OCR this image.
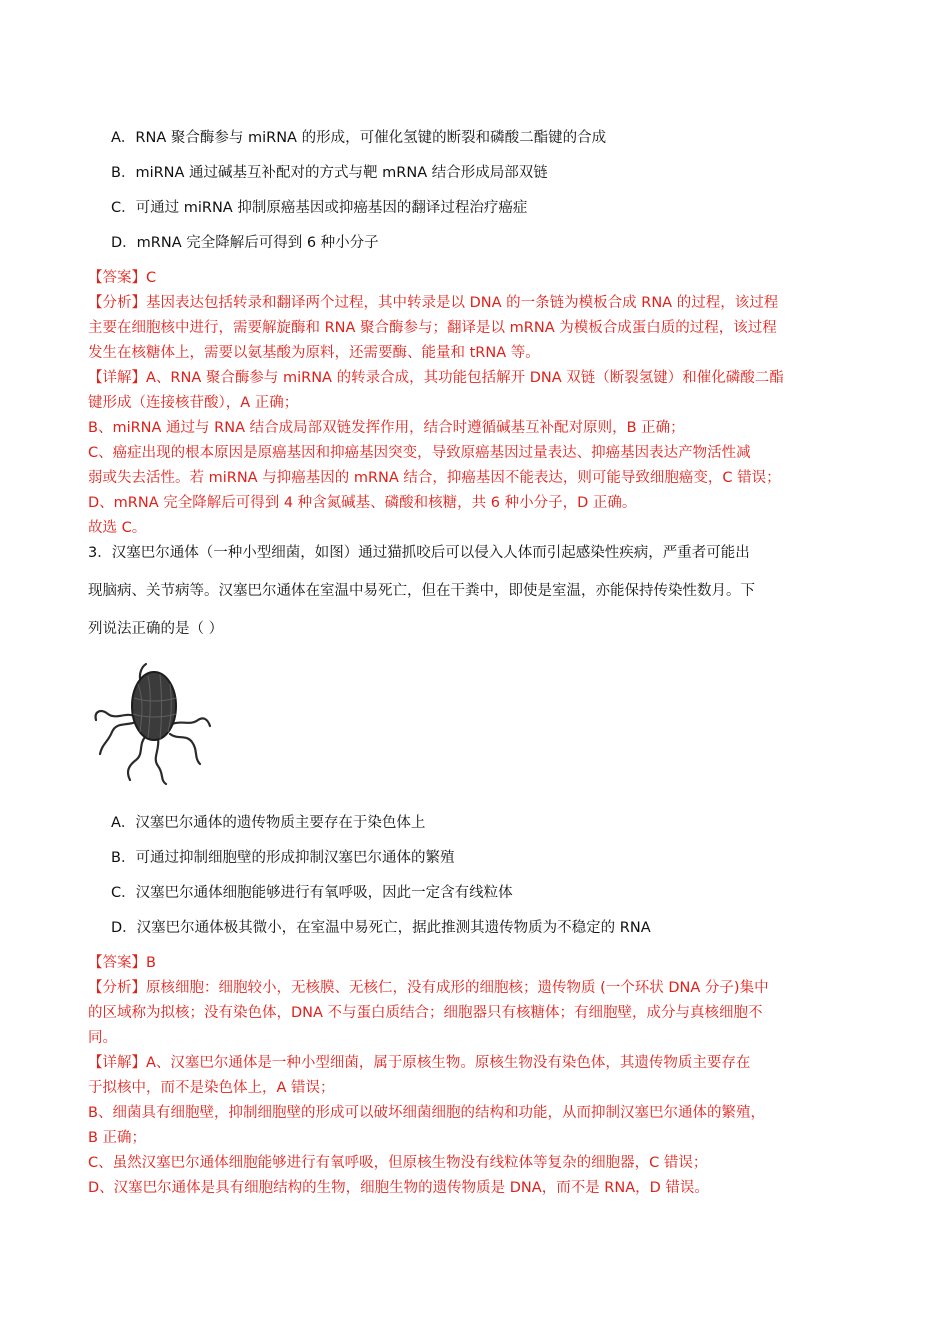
A．RNA 聚合酶参与 miRNA 的形成，可催化氢键的断裂和磷酸二酯键的合成
B．miRNA 通过碱基互补配对的方式与靶 mRNA 结合形成局部双链
C．可通过 miRNA 抑制原癌基因或抑癌基因的翻译过程治疗癌症
D．mRNA 完全降解后可得到 6 种小分子
【答案】C
【分析】基因表达包括转录和翻译两个过程，其中转录是以 DNA 的一条链为模板合成 RNA 的过程，该过程
主要在细胞核中进行，需要解旋酶和 RNA 聚合酶参与；翻译是以 mRNA 为模板合成蛋白质的过程，该过程
发生在核糖体上，需要以氨基酸为原料，还需要酶、能量和 tRNA 等。
【详解】A、RNA 聚合酶参与 miRNA 的转录合成，其功能包括解开 DNA 双链（断裂氢键）和催化磷酸二酯
键形成（连接核苷酸），A 正确；
B、miRNA 通过与 RNA 结合成局部双链发挥作用，结合时遵循碱基互补配对原则，B 正确；
C、癌症出现的根本原因是原癌基因和抑癌基因突变，导致原癌基因过量表达、抑癌基因表达产物活性减
弱或失去活性。若 miRNA 与抑癌基因的 mRNA 结合，抑癌基因不能表达，则可能导致细胞癌变，C 错误；
D、mRNA 完全降解后可得到 4 种含氮碱基、磷酸和核糖，共 6 种小分子，D 正确。
故选 C。
3．汉塞巴尔通体（一种小型细菌，如图）通过猫抓咬后可以侵入人体而引起感染性疾病，严重者可能出
现脑病、关节病等。汉塞巴尔通体在室温中易死亡，但在干粪中，即使是室温，亦能保持传染性数月。下
列说法正确的是（ ）
A．汉塞巴尔通体的遗传物质主要存在于染色体上
B．可通过抑制细胞壁的形成抑制汉塞巴尔通体的繁殖
C．汉塞巴尔通体细胞能够进行有氧呼吸，因此一定含有线粒体
D．汉塞巴尔通体极其微小，在室温中易死亡，据此推测其遗传物质为不稳定的 RNA
【答案】B
【分析】原核细胞：细胞较小，无核膜、无核仁，没有成形的细胞核；遗传物质 (一个环状 DNA 分子)集中
的区域称为拟核；没有染色体，DNA 不与蛋白质结合；细胞器只有核糖体；有细胞壁，成分与真核细胞不
同。
【详解】A、汉塞巴尔通体是一种小型细菌，属于原核生物。原核生物没有染色体，其遗传物质主要存在
于拟核中，而不是染色体上，A 错误；
B、细菌具有细胞壁，抑制细胞壁的形成可以破坏细菌细胞的结构和功能，从而抑制汉塞巴尔通体的繁殖，
B 正确；
C、虽然汉塞巴尔通体细胞能够进行有氧呼吸，但原核生物没有线粒体等复杂的细胞器，C 错误；
D、汉塞巴尔通体是具有细胞结构的生物，细胞生物的遗传物质是 DNA，而不是 RNA，D 错误。
